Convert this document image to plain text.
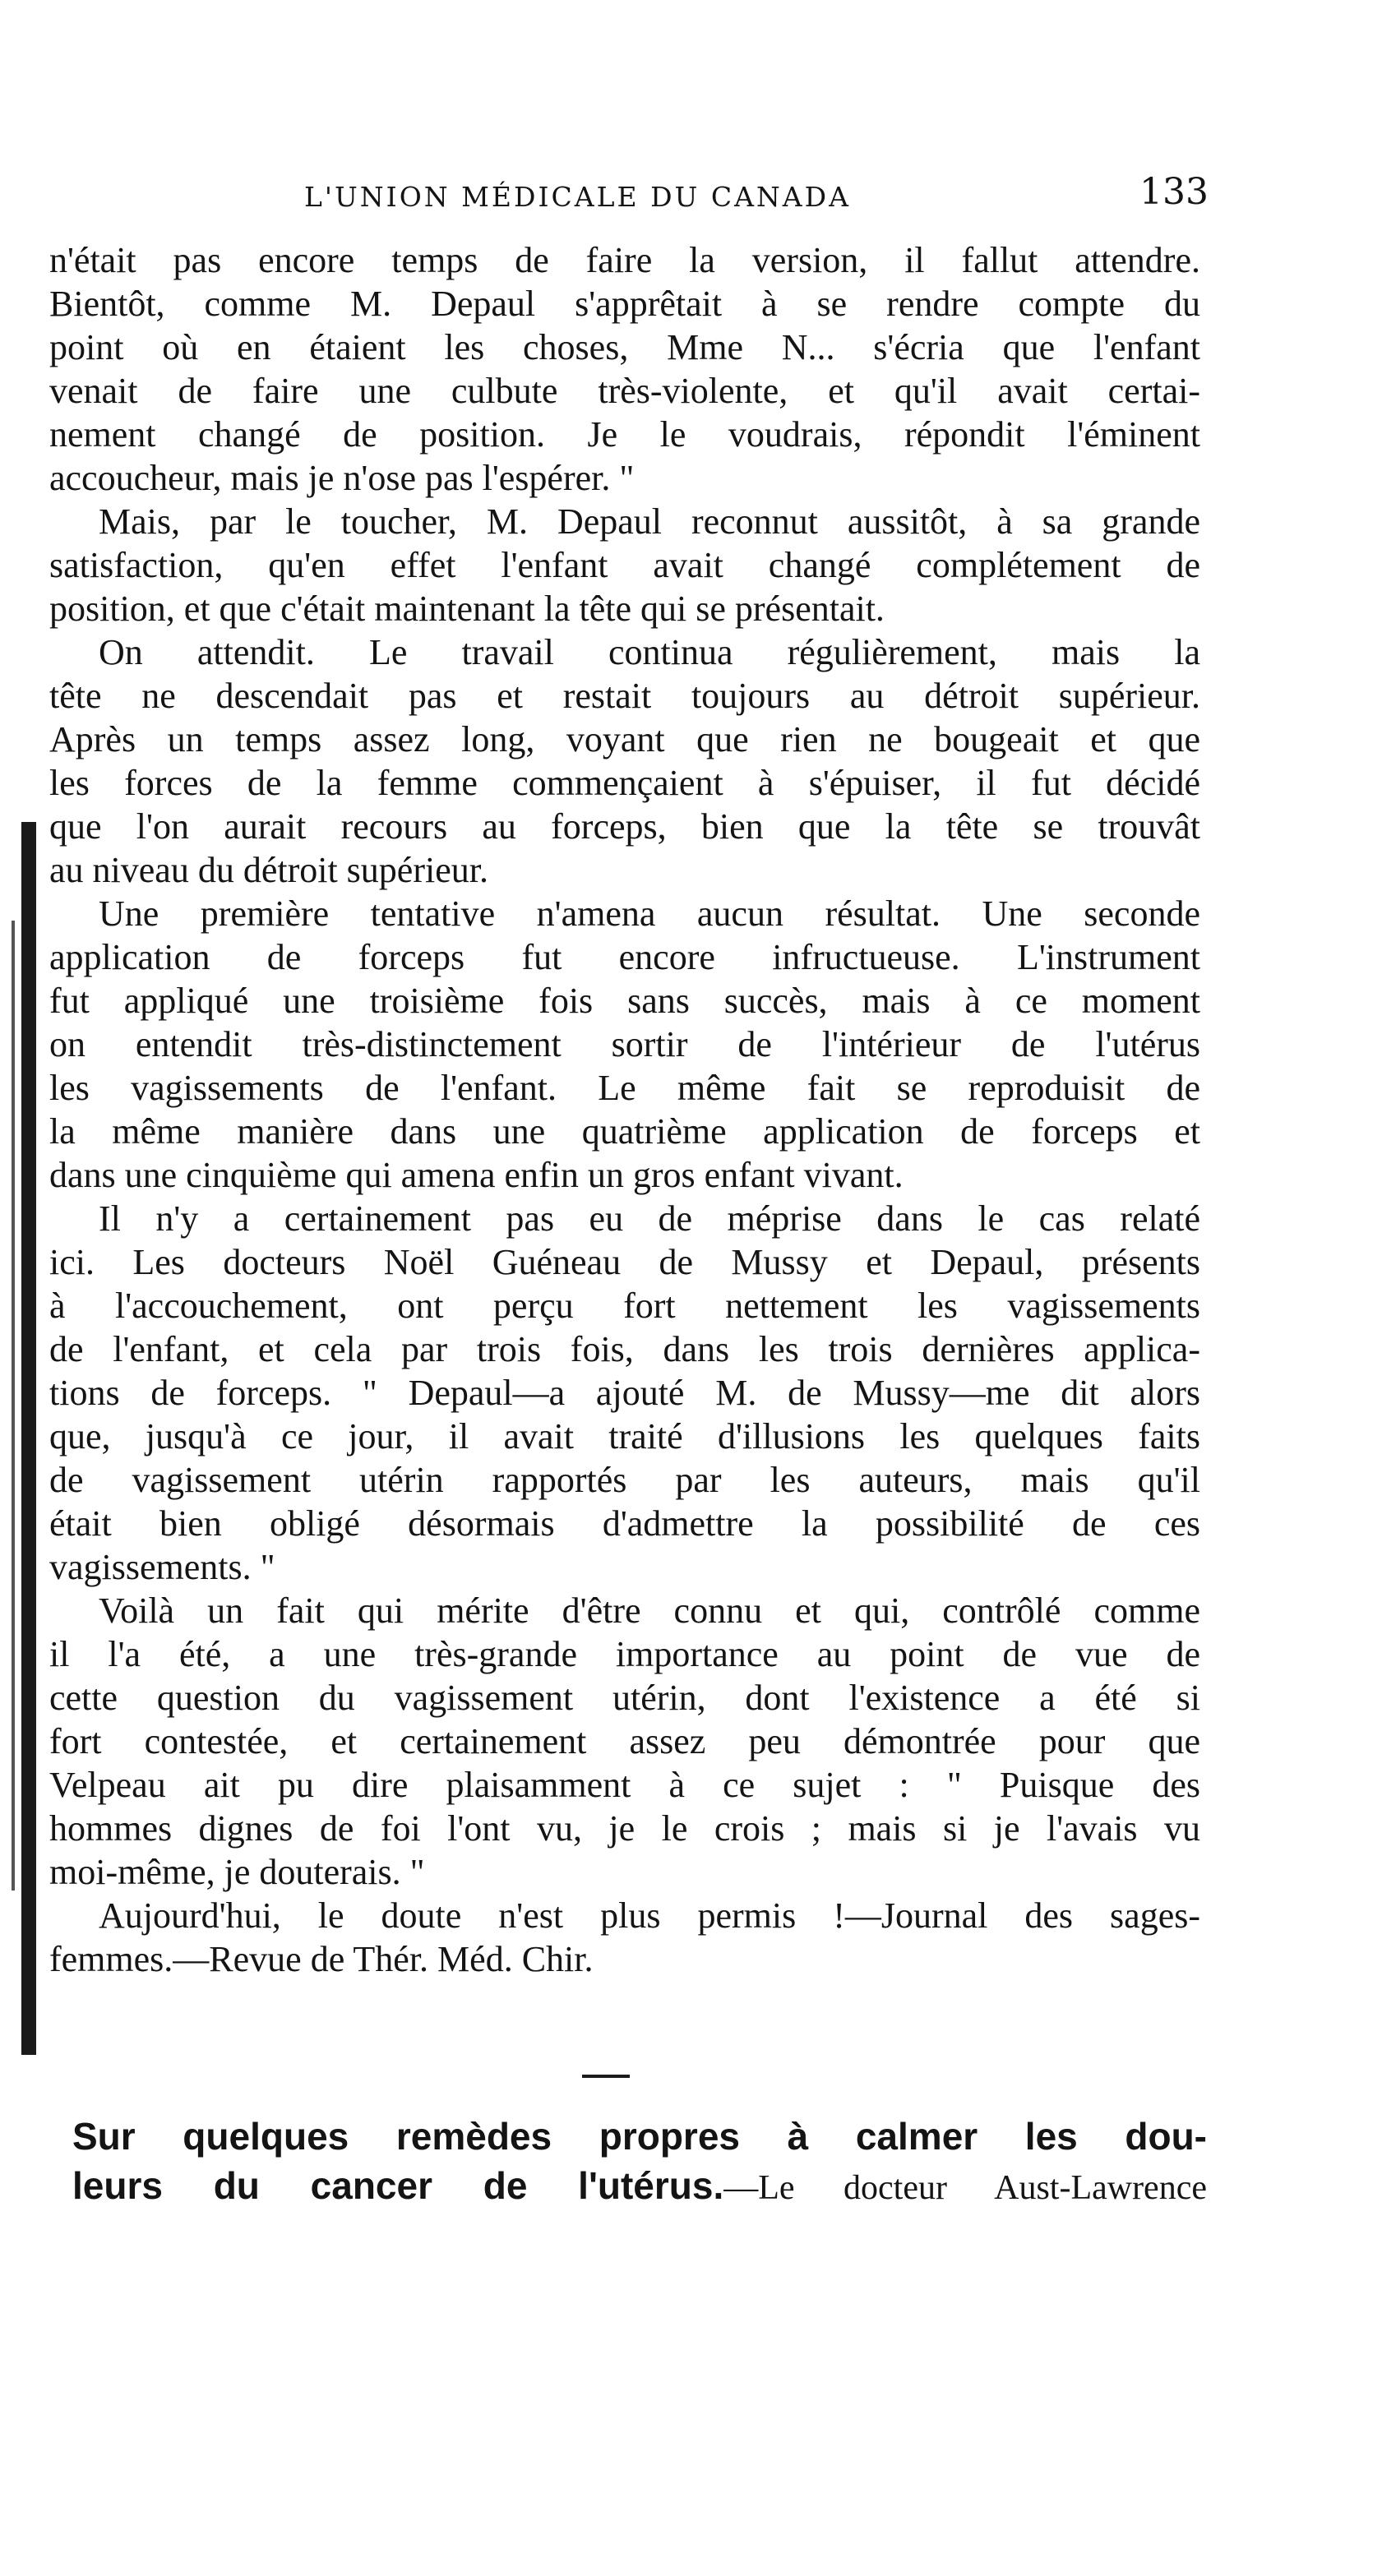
L'UNION MÉDICALE DU CANADA	133
n'était pas encore temps de faire la version, il fallut attendre.
Bientôt, comme M. Depaul s'apprêtait à se rendre compte du
point où en étaient les choses, Mme N... s'écria que l'enfant
venait de faire une culbute très-violente, et qu'il avait certai-
nement changé de position. Je le voudrais, répondit l'éminent
accoucheur, mais je n'ose pas l'espérer. "
Mais, par le toucher, M. Depaul reconnut aussitôt, à sa grande
satisfaction, qu'en effet l'enfant avait changé complétement de
position, et que c'était maintenant la tête qui se présentait.
On attendit. Le travail continua régulièrement, mais la
tête ne descendait pas et restait toujours au détroit supérieur.
Après un temps assez long, voyant que rien ne bougeait et que
les forces de la femme commençaient à s'épuiser, il fut décidé
que l'on aurait recours au forceps, bien que la tête se trouvât
au niveau du détroit supérieur.
Une première tentative n'amena aucun résultat. Une seconde
application de forceps fut encore infructueuse. L'instrument
fut appliqué une troisième fois sans succès, mais à ce moment
on entendit très-distinctement sortir de l'intérieur de l'utérus
les vagissements de l'enfant. Le même fait se reproduisit de
la même manière dans une quatrième application de forceps et
dans une cinquième qui amena enfin un gros enfant vivant.
Il n'y a certainement pas eu de méprise dans le cas relaté
ici. Les docteurs Noël Guéneau de Mussy et Depaul, présents
à l'accouchement, ont perçu fort nettement les vagissements
de l'enfant, et cela par trois fois, dans les trois dernières applica-
tions de forceps. " Depaul—a ajouté M. de Mussy—me dit alors
que, jusqu'à ce jour, il avait traité d'illusions les quelques faits
de vagissement utérin rapportés par les auteurs, mais qu'il
était bien obligé désormais d'admettre la possibilité de ces
vagissements. "
Voilà un fait qui mérite d'être connu et qui, contrôlé comme
il l'a été, a une très-grande importance au point de vue de
cette question du vagissement utérin, dont l'existence a été si
fort contestée, et certainement assez peu démontrée pour que
Velpeau ait pu dire plaisamment à ce sujet : " Puisque des
hommes dignes de foi l'ont vu, je le crois ; mais si je l'avais vu
moi-même, je douterais. "
Aujourd'hui, le doute n'est plus permis !—Journal des sages-
femmes.—Revue de Thér. Méd. Chir.
Sur quelques remèdes propres à calmer les dou-
leurs du cancer de l'utérus.—Le docteur Aust-Lawrence
